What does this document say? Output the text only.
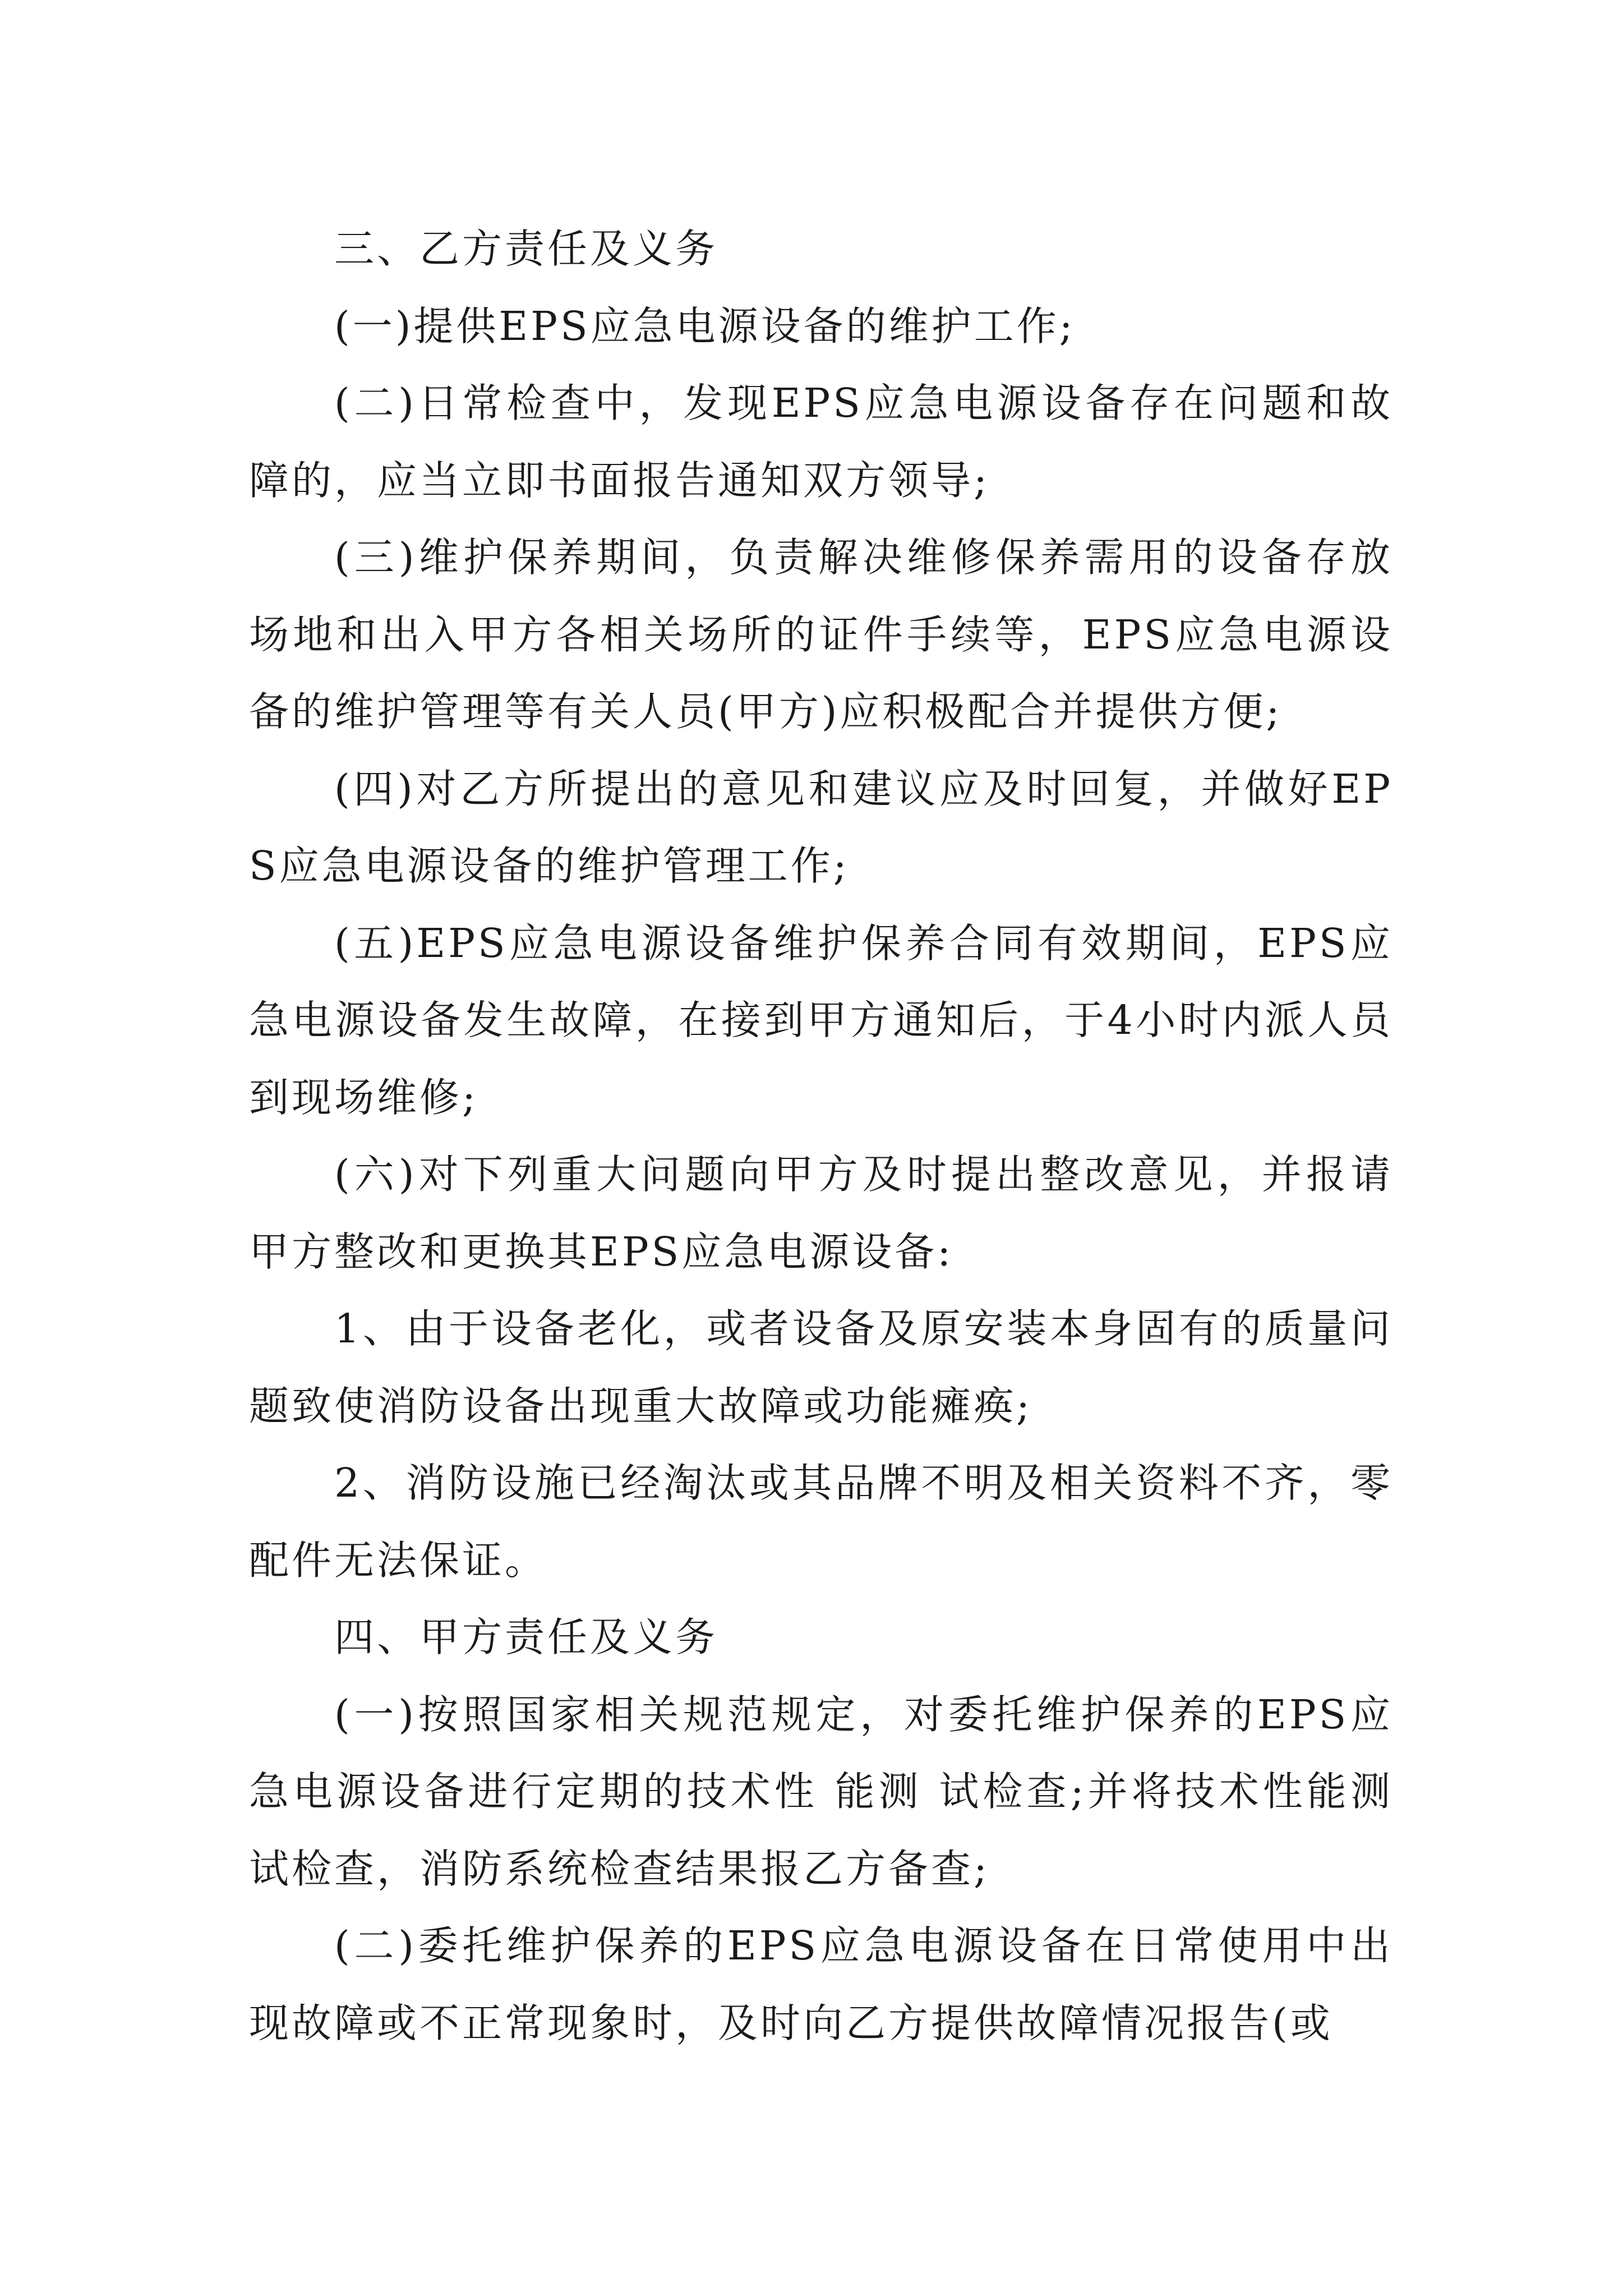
三、乙方责任及义务

(一)提供EPS应急电源设备的维护工作;

(二)日常检查中，发现EPS应急电源设备存在问题和故障的，应当立即书面报告通知双方领导;

(三)维护保养期间，负责解决维修保养需用的设备存放场地和出入甲方各相关场所的证件手续等，EPS应急电源设备的维护管理等有关人员(甲方)应积极配合并提供方便;

(四)对乙方所提出的意见和建议应及时回复，并做好EPS应急电源设备的维护管理工作;

(五)EPS应急电源设备维护保养合同有效期间，EPS应急电源设备发生故障，在接到甲方通知后，于4小时内派人员到现场维修;

(六)对下列重大问题向甲方及时提出整改意见，并报请甲方整改和更换其EPS应急电源设备:

1、由于设备老化，或者设备及原安装本身固有的质量问题致使消防设备出现重大故障或功能瘫痪;

2、消防设施已经淘汰或其品牌不明及相关资料不齐，零配件无法保证。

四、甲方责任及义务

(一)按照国家相关规范规定，对委托维护保养的EPS应急电源设备进行定期的技术性 能测 试检查;并将技术性能测试检查，消防系统检查结果报乙方备查;

(二)委托维护保养的EPS应急电源设备在日常使用中出现故障或不正常现象时，及时向乙方提供故障情况报告(或
